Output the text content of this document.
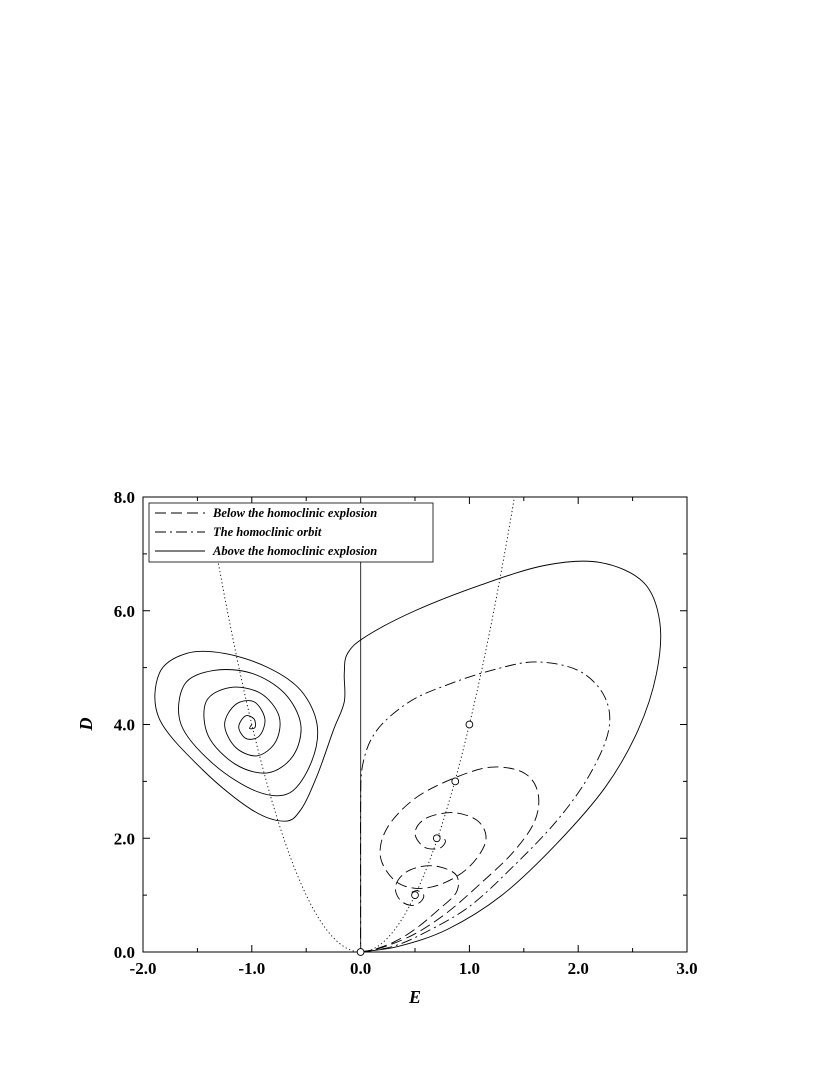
-2.0	-1.0	0.0	1.0	2.0	3.0
0.0
2.0
4.0
6.0
8.0
E
D
Below the homoclinic explosion
The homoclinic orbit
Above the homoclinic explosion
